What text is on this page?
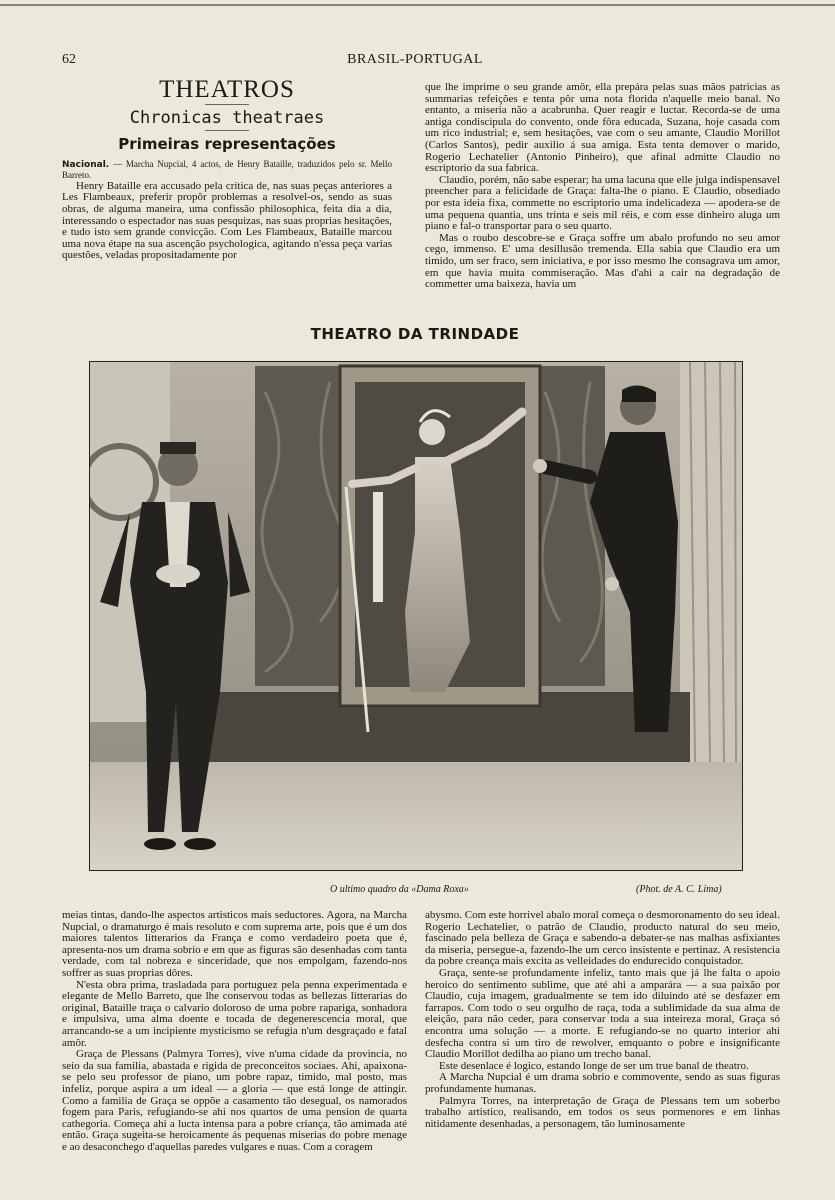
62	BRASIL-PORTUGAL
THEATROS
Chronicas theatraes
Primeiras representações

Nacional. — Marcha Nupcial, 4 actos, de Henry Bataille, traduzidos pelo sr. Mello Barreto.

Henry Bataille era accusado pela critica de, nas suas peças anteriores a Les Flambeaux, preferir propôr problemas a resolvel-os, sendo as suas obras, de alguma maneira, uma confissão philosophica, feita dia a dia, interessando o espectador nas suas pesquizas, nas suas proprias hesitações, e tudo isto sem grande convicção. Com Les Flambeaux, Bataille marcou uma nova étape na sua ascenção psychologica, agitando n'essa peça varias questões, veladas propositadamente por

que lhe imprime o seu grande amôr, ella prepára pelas suas mãos patricias as summarias refeições e tenta pôr uma nota florida n'aquelle meio banal. No entanto, a miseria não a acabrunha. Quer reagir e luctar. Recorda-se de uma antiga condiscipula do convento, onde fôra educada, Suzana, hoje casada com um rico industrial; e, sem hesitações, vae com o seu amante, Claudio Morillot (Carlos Santos), pedir auxilio á sua amiga. Esta tenta demover o marido, Rogerio Lechatelier (Antonio Pinheiro), que afinal admitte Claudio no escriptorio da sua fabrica.

Claudio, porém, não sabe esperar; ha uma lacuna que elle julga indispensavel preencher para a felicidade de Graça: falta-lhe o piano. E Claudio, obsediado por esta ideia fixa, commette no escriptorio uma indelicadeza — apodera-se de uma pequena quantia, uns trinta e seis mil réis, e com esse dinheiro aluga um piano e fal-o transportar para o seu quarto.

Mas o roubo descobre-se e Graça soffre um abalo profundo no seu amor cego, immenso. E' uma desillusão tremenda. Ella sabia que Claudio era um timido, um ser fraco, sem iniciativa, e por isso mesmo lhe consagrava um amor, em que havia muita commiseração. Mas d'ahi a cair na degradação de commetter uma baixeza, havia um

THEATRO DA TRINDADE
O ultimo quadro da «Dama Roxa»	(Phot. de A. C. Lima)

meias tintas, dando-lhe aspectos artisticos mais seductores. Agora, na Marcha Nupcial, o dramaturgo é mais resoluto e com suprema arte, pois que é um dos maiores talentos litterarios da França e como verdadeiro poeta que é, apresenta-nos um drama sobrio e em que as figuras são desenhadas com tanta verdade, com tal nobreza e sinceridade, que nos empolgam, fazendo-nos soffrer as suas proprias dôres.

N'esta obra prima, trasladada para portuguez pela penna experimentada e elegante de Mello Barreto, que lhe conservou todas as bellezas litterarias do original, Bataille traça o calvario doloroso de uma pobre rapariga, sonhadora e impulsiva, uma alma doente e tocada de degenerescencia moral, que arrancando-se a um incipiente mysticismo se refugia n'um desgraçado e fatal amôr.

Graça de Plessans (Palmyra Torres), vive n'uma cidade da provincia, no seio da sua familia, abastada e rigida de preconceitos sociaes. Ahi, apaixona-se pelo seu professor de piano, um pobre rapaz, timido, mal posto, mas infeliz, porque aspira a um ideal — a gloria — que está longe de attingir. Como a familia de Graça se oppõe a casamento tão desegual, os namorados fogem para Paris, refugiando-se ahi nos quartos de uma pension de quarta cathegoria. Começa ahi a lucta intensa para a pobre criança, tão amimada até então. Graça sugeita-se heroicamente ás pequenas miserias do pobre menage e ao desaconchego d'aquellas paredes vulgares e nuas. Com a coragem

abysmo. Com este horrivel abalo moral começa o desmoronamento do seu ideal. Rogerio Lechatelier, o patrão de Claudio, producto natural do seu meio, fascinado pela belleza de Graça e sabendo-a debater-se nas malhas asfixiantes da miseria, persegue-a, fazendo-lhe um cerco insistente e pertinaz. A resistencia da pobre creança mais excita as velleidades do endurecido conquistador.

Graça, sente-se profundamente infeliz, tanto mais que já lhe falta o apoio heroico do sentimento sublime, que até ahi a amparára — a sua paixão por Claudio, cuja imagem, gradualmente se tem ido diluindo até se desfazer em farrapos. Com todo o seu orgulho de raça, toda a sublimidade da sua alma de eleição, para não ceder, para conservar toda a sua inteireza moral, Graça só encontra uma solução — a morte. E refugiando-se no quarto interior ahi desfecha contra si um tiro de rewolver, emquanto o pobre e insignificante Claudio Morillot dedilha ao piano um trecho banal.

Este desenlace é logico, estando longe de ser um true banal de theatro.

A Marcha Nupcial é um drama sobrio e commovente, sendo as suas figuras profundamente humanas.

Palmyra Torres, na interpretação de Graça de Plessans tem um soberbo trabalho artistico, realisando, em todos os seus pormenores e em linhas nitidamente desenhadas, a personagem, tão luminosamente
